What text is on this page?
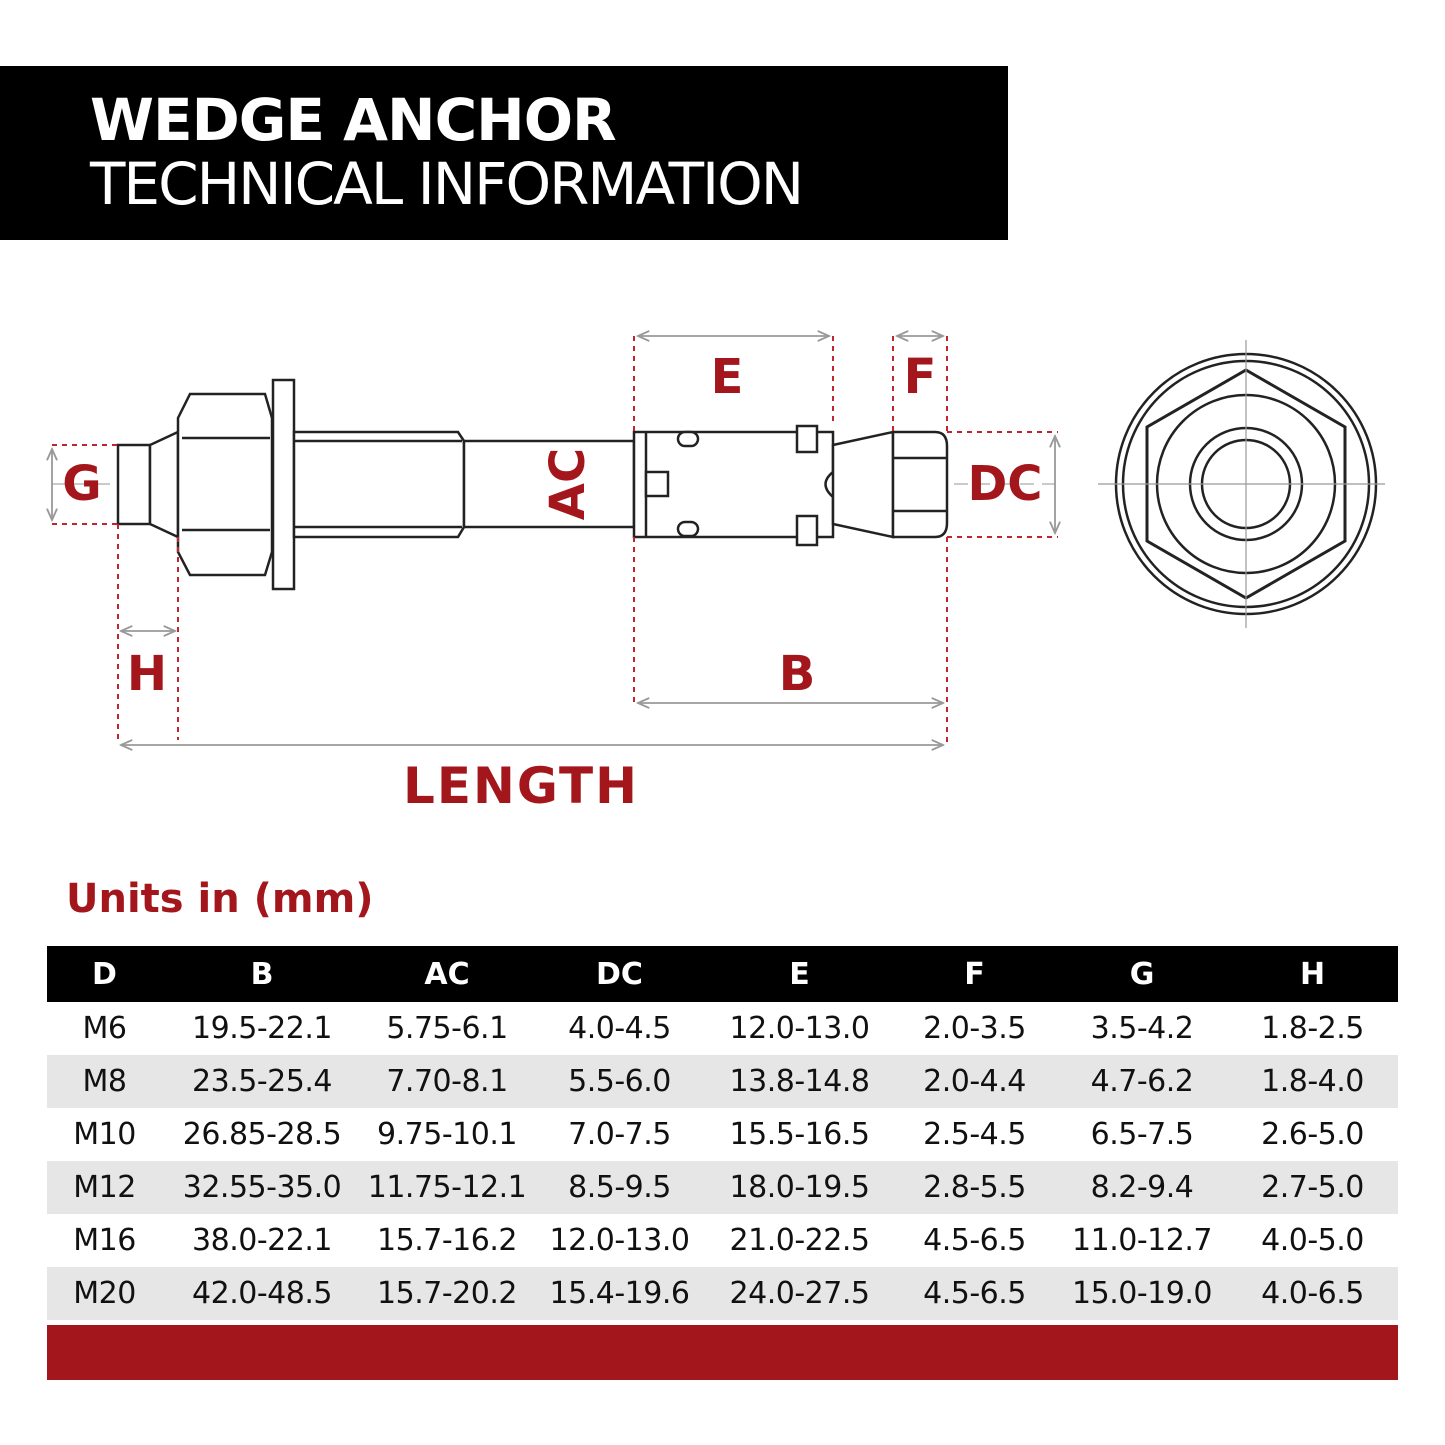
WEDGE ANCHOR
TECHNICAL INFORMATION
G
H
AC
E	F
DC
B
LENGTH
Units in (mm)
D	B	AC	DC	E	F	G	H
M6	19.5-22.1	5.75-6.1	4.0-4.5	12.0-13.0	2.0-3.5	3.5-4.2	1.8-2.5
M8	23.5-25.4	7.70-8.1	5.5-6.0	13.8-14.8	2.0-4.4	4.7-6.2	1.8-4.0
M10	26.85-28.5	9.75-10.1	7.0-7.5	15.5-16.5	2.5-4.5	6.5-7.5	2.6-5.0
M12	32.55-35.0	11.75-12.1	8.5-9.5	18.0-19.5	2.8-5.5	8.2-9.4	2.7-5.0
M16	38.0-22.1	15.7-16.2	12.0-13.0	21.0-22.5	4.5-6.5	11.0-12.7	4.0-5.0
M20	42.0-48.5	15.7-20.2	15.4-19.6	24.0-27.5	4.5-6.5	15.0-19.0	4.0-6.5
